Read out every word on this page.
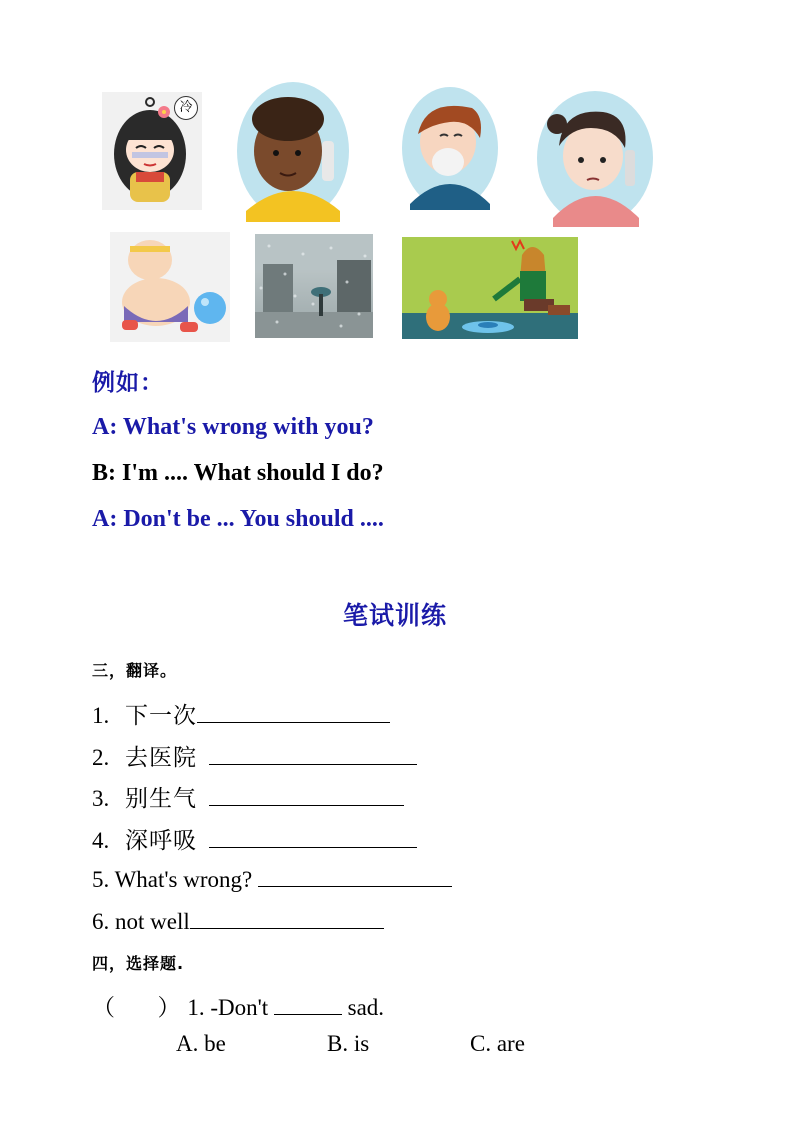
冷
例如：
A: What's wrong with you?
B: I'm .... What should I do?
A: Don't be ... You should ....
笔试训练
三，翻译。
1. 下一次
2. 去医院
3. 别生气
4. 深呼吸
5. What's wrong?
6. not well
四，选择题.
（     ） 1. -Don't	sad.
A. be	B. is	C. are
